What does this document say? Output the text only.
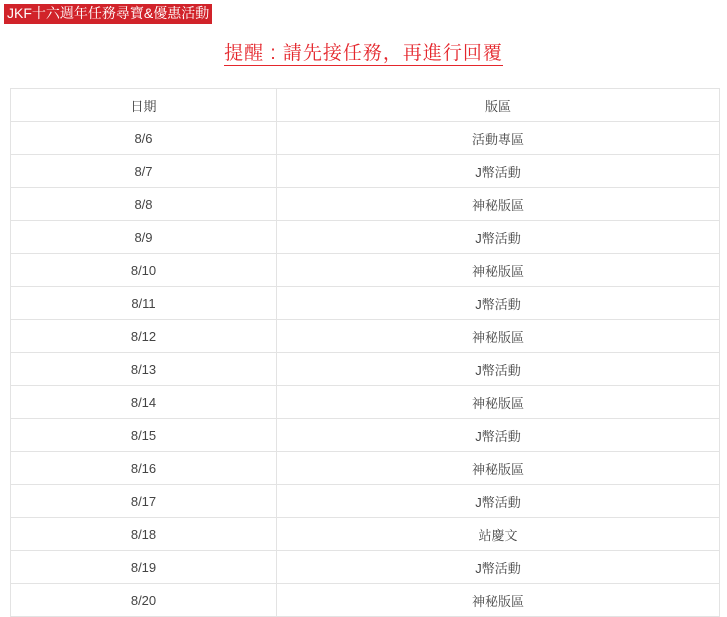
JKF十六週年任務尋寶&優惠活動
提醒 : 請先接任務，再進行回覆
日期	版區
8/6	活動專區
8/7	J幣活動
8/8	神秘版區
8/9	J幣活動
8/10	神秘版區
8/11	J幣活動
8/12	神秘版區
8/13	J幣活動
8/14	神秘版區
8/15	J幣活動
8/16	神秘版區
8/17	J幣活動
8/18	站慶文
8/19	J幣活動
8/20	神秘版區
